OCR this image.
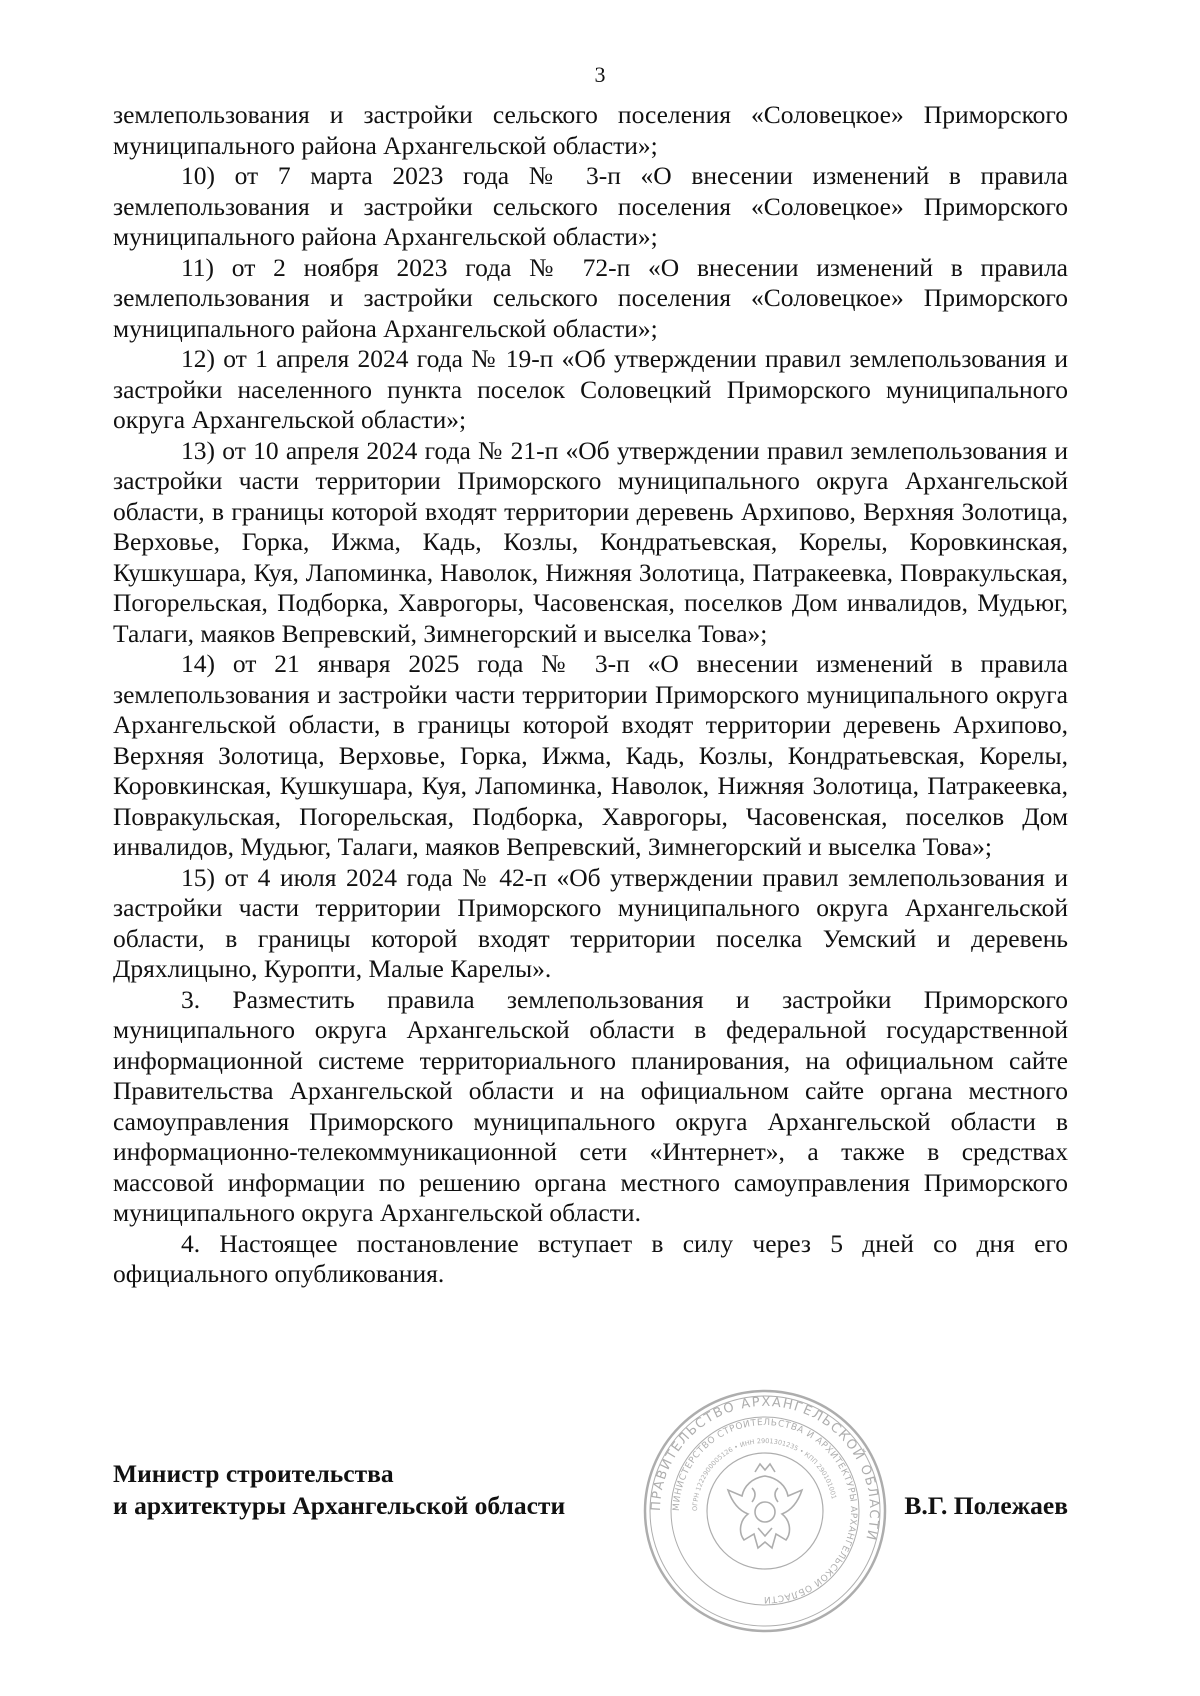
3

землепользования и застройки сельского поселения «Соловецкое» Приморского муниципального района Архангельской области»;

10) от 7 марта 2023 года № 3-п «О внесении изменений в правила землепользования и застройки сельского поселения «Соловецкое» Приморского муниципального района Архангельской области»;

11) от 2 ноября 2023 года № 72-п «О внесении изменений в правила землепользования и застройки сельского поселения «Соловецкое» Приморского муниципального района Архангельской области»;

12) от 1 апреля 2024 года № 19-п «Об утверждении правил землепользования и застройки населенного пункта поселок Соловецкий Приморского муниципального округа Архангельской области»;

13) от 10 апреля 2024 года № 21-п «Об утверждении правил землепользования и застройки части территории Приморского муниципального округа Архангельской области, в границы которой входят территории деревень Архипово, Верхняя Золотица, Верховье, Горка, Ижма, Кадь, Козлы, Кондратьевская, Корелы, Коровкинская, Кушкушара, Куя, Лапоминка, Наволок, Нижняя Золотица, Патракеевка, Повракульская, Погорельская, Подборка, Хаврогоры, Часовенская, поселков Дом инвалидов, Мудьюг, Талаги, маяков Вепревский, Зимнегорский и выселка Това»;

14) от 21 января 2025 года № 3-п «О внесении изменений в правила землепользования и застройки части территории Приморского муниципального округа Архангельской области, в границы которой входят территории деревень Архипово, Верхняя Золотица, Верховье, Горка, Ижма, Кадь, Козлы, Кондратьевская, Корелы, Коровкинская, Кушкушара, Куя, Лапоминка, Наволок, Нижняя Золотица, Патракеевка, Повракульская, Погорельская, Подборка, Хаврогоры, Часовенская, поселков Дом инвалидов, Мудьюг, Талаги, маяков Вепревский, Зимнегорский и выселка Това»;

15) от 4 июля 2024 года № 42-п «Об утверждении правил землепользования и застройки части территории Приморского муниципального округа Архангельской области, в границы которой входят территории поселка Уемский и деревень Дряхлицыно, Куропти, Малые Карелы».

3. Разместить правила землепользования и застройки Приморского муниципального округа Архангельской области в федеральной государственной информационной системе территориального планирования, на официальном сайте Правительства Архангельской области и на официальном сайте органа местного самоуправления Приморского муниципального округа Архангельской области в информационно-телекоммуникационной сети «Интернет», а также в средствах массовой информации по решению органа местного самоуправления Приморского муниципального округа Архангельской области.

4. Настоящее постановление вступает в силу через 5 дней со дня его официального опубликования.

ПРАВИТЕЛЬСТВО АРХАНГЕЛЬСКОЙ ОБЛАСТИ
МИНИСТЕРСТВО СТРОИТЕЛЬСТВА И АРХИТЕКТУРЫ АРХАНГЕЛЬСКОЙ ОБЛАСТИ
ОГРН 1222900005126 • ИНН 2901301235 • КПП 290101001
Министр строительства
и архитектуры Архангельской области	В.Г. Полежаев
